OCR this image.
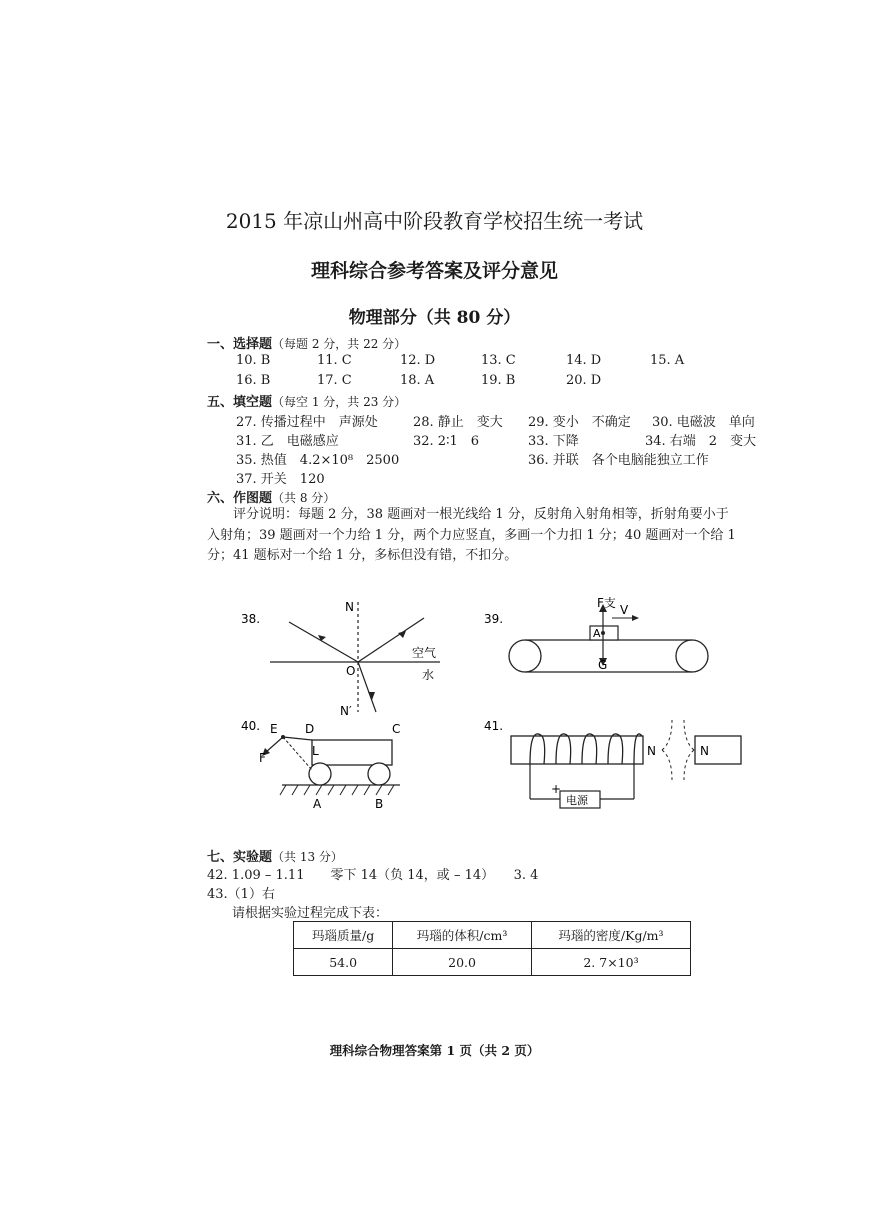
2015 年凉山州高中阶段教育学校招生统一考试
理科综合参考答案及评分意见
物理部分（共 80 分）
一、选择题（每题 2 分，共 22 分）
10. B	11. C	12. D	13. C	14. D	15. A
16. B	17. C	18. A	19. B	20. D
五、填空题（每空 1 分，共 23 分）
27. 传播过程中　声源处	28. 静止　变大 29. 变小　不确定 30. 电磁波　单向
31. 乙　电磁感应	32. 2∶1　6	33. 下降	34. 右端　2　变大
35. 热值　4.2×10⁸　2500	36. 并联　各个电脑能独立工作
37. 开关　120
六、作图题（共 8 分）
评分说明：每题 2 分，38 题画对一根光线给 1 分，反射角入射角相等，折射角要小于
入射角；39 题画对一个力给 1 分，两个力应竖直，多画一个力扣 1 分；40 题画对一个给 1
分；41 题标对一个给 1 分，多标但没有错，不扣分。
38.
N
N′
O
空气
水
39.
A
F支 V
G
40. E D	C
F	L
A	B
41.
电源
+
N	N
七、实验题（共 13 分）
42. 1.09 – 1.11　　零下 14（负 14，或 – 14）　　3. 4
43.（1）右
请根据实验过程完成下表：
玛瑙质量/g	玛瑙的体积/cm³	玛瑙的密度/Kg/m³
54.0	20.0	2. 7×10³
理科综合物理答案第 1 页（共 2 页）
